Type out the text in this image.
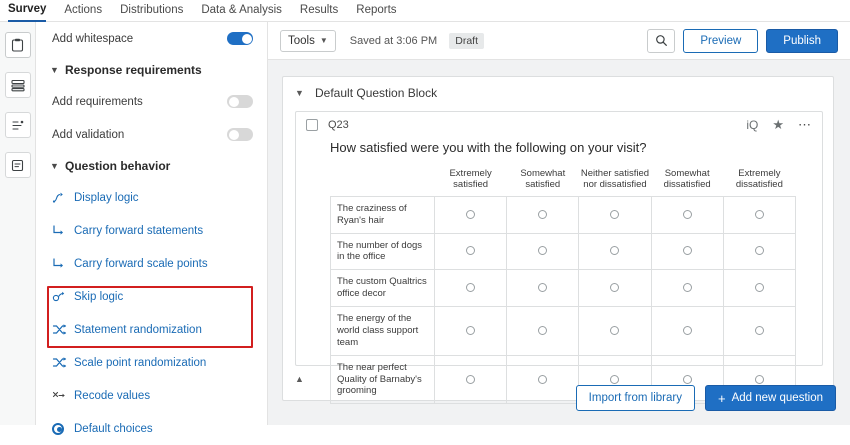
Survey Actions Distributions Data & Analysis Results Reports
Add whitespace
▼ Response requirements
Add requirements
Add validation
▼ Question behavior
Display logic
Carry forward statements
Carry forward scale points
Skip logic
Statement randomization
Scale point randomization
Recode values
Default choices
Tools ▼ Saved at 3:06 PM	Draft	Preview	Publish
▼ Default Question Block
Q23	iQ ★ ⋯
How satisfied were you with the following on your visit?
	Extremely satisfied	Somewhat satisfied	Neither satisfied nor dissatisfied	Somewhat dissatisfied	Extremely dissatisfied
The craziness of Ryan's hair					
The number of dogs in the office					
The custom Qualtrics office decor					
The energy of the world class support team					
The near perfect Quality of Barnaby's grooming					
▲
Import from library	+ Add new question
